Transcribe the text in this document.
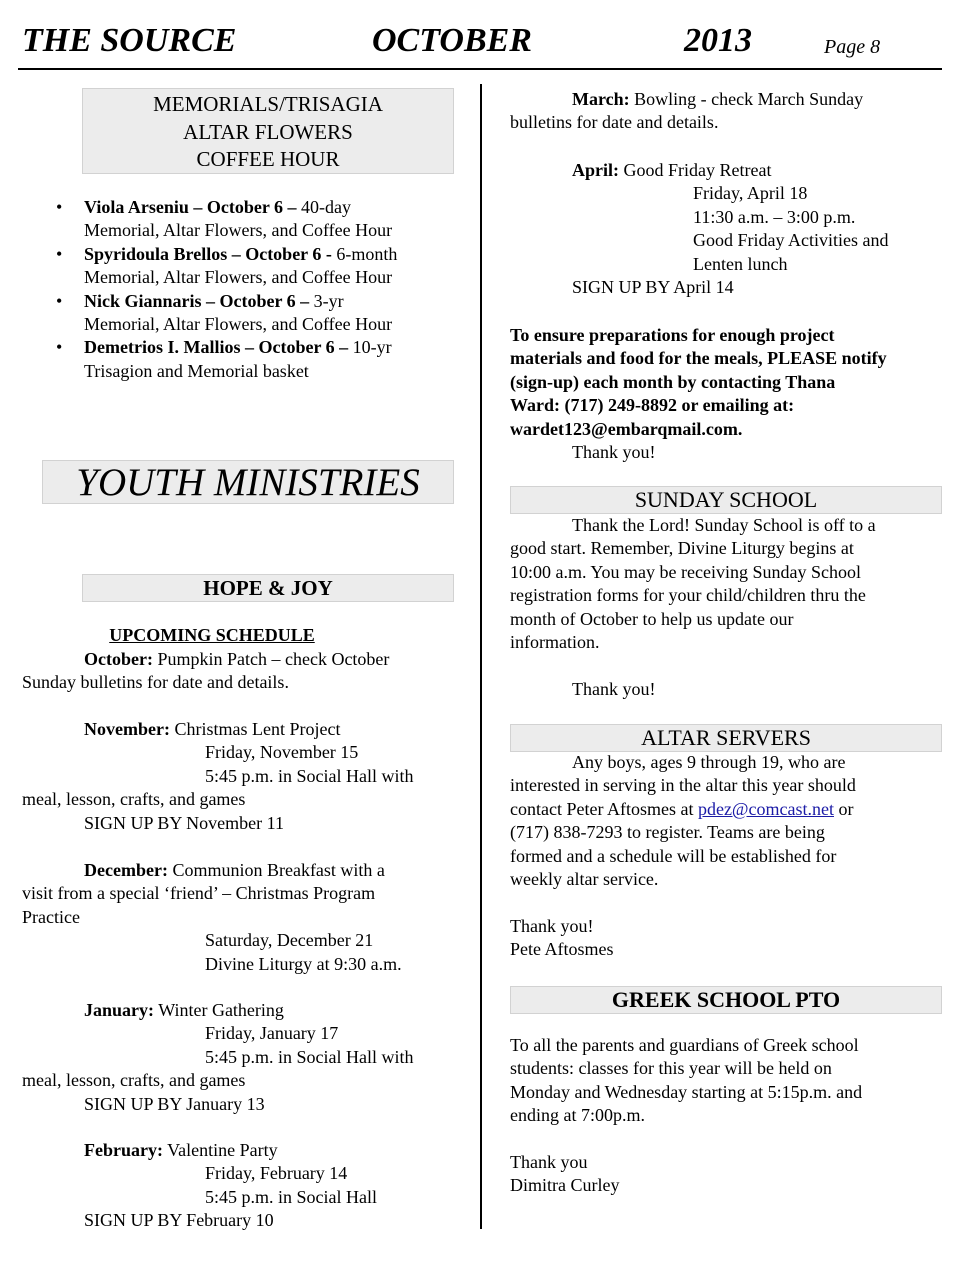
THE SOURCE	OCTOBER	2013	Page 8
MEMORIALS/TRISAGIA
ALTAR FLOWERS
COFFEE HOUR
• Viola Arseniu – October 6 – 40-day
Memorial, Altar Flowers, and Coffee Hour
• Spyridoula Brellos – October 6 - 6-month
Memorial, Altar Flowers, and Coffee Hour
• Nick Giannaris – October 6 – 3-yr
Memorial, Altar Flowers, and Coffee Hour
• Demetrios I. Mallios – October 6 – 10-yr
Trisagion and Memorial basket
YOUTH MINISTRIES
HOPE & JOY
UPCOMING SCHEDULE
October: Pumpkin Patch – check October
Sunday bulletins for date and details.
November: Christmas Lent Project
Friday, November 15
5:45 p.m. in Social Hall with
meal, lesson, crafts, and games
SIGN UP BY November 11
December: Communion Breakfast with a
visit from a special ‘friend’ – Christmas Program
Practice
Saturday, December 21
Divine Liturgy at 9:30 a.m.
January: Winter Gathering
Friday, January 17
5:45 p.m. in Social Hall with
meal, lesson, crafts, and games
SIGN UP BY January 13
February: Valentine Party
Friday, February 14
5:45 p.m. in Social Hall
SIGN UP BY February 10
March: Bowling - check March Sunday
bulletins for date and details.
April: Good Friday Retreat
Friday, April 18
11:30 a.m. – 3:00 p.m.
Good Friday Activities and
Lenten lunch
SIGN UP BY April 14
To ensure preparations for enough project
materials and food for the meals, PLEASE notify
(sign-up) each month by contacting Thana
Ward: (717) 249-8892 or emailing at:
wardet123@embarqmail.com.
Thank you!
SUNDAY SCHOOL
Thank the Lord! Sunday School is off to a
good start. Remember, Divine Liturgy begins at
10:00 a.m. You may be receiving Sunday School
registration forms for your child/children thru the
month of October to help us update our
information.
Thank you!
ALTAR SERVERS
Any boys, ages 9 through 19, who are
interested in serving in the altar this year should
contact Peter Aftosmes at pdez@comcast.net or
(717) 838-7293 to register. Teams are being
formed and a schedule will be established for
weekly altar service.
Thank you!
Pete Aftosmes
GREEK SCHOOL PTO
To all the parents and guardians of Greek school
students: classes for this year will be held on
Monday and Wednesday starting at 5:15p.m. and
ending at 7:00p.m.
Thank you
Dimitra Curley
